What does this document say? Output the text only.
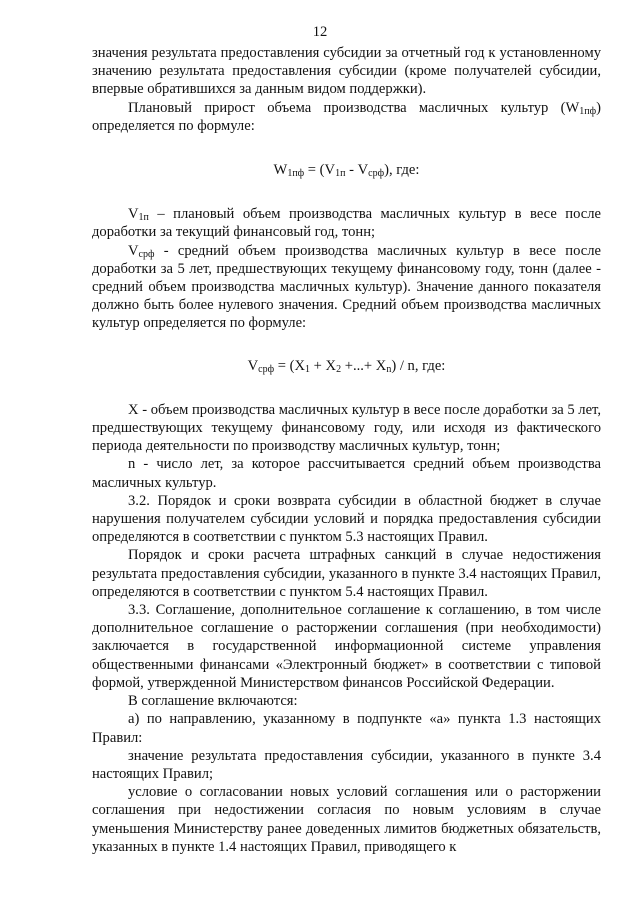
12

значения результата предоставления субсидии за отчетный год к установленному значению результата предоставления субсидии (кроме получателей субсидии, впервые обратившихся за данным видом поддержки).

Плановый прирост объема производства масличных культур $(W_{1пф})$ определяется по формуле:

$W_{1пф} = (V_{1п} - V_{срф})$, где:

$V_{1п}$ – плановый объем производства масличных культур в весе после доработки за текущий финансовый год, тонн;

$V_{срф}$ - средний объем производства масличных культур в весе после доработки за 5 лет, предшествующих текущему финансовому году, тонн (далее - средний объем производства масличных культур). Значение данного показателя должно быть более нулевого значения. Средний объем производства масличных культур определяется по формуле:

$V_{срф} = (X_1 + X_2$ +...+ $X_n$) / n, где:

X - объем производства масличных культур в весе после доработки за 5 лет, предшествующих текущему финансовому году, или исходя из фактического периода деятельности по производству масличных культур, тонн;

n - число лет, за которое рассчитывается средний объем производства масличных культур.

3.2. Порядок и сроки возврата субсидии в областной бюджет в случае нарушения получателем субсидии условий и порядка предоставления субсидии определяются в соответствии с пунктом 5.3 настоящих Правил.

Порядок и сроки расчета штрафных санкций в случае недостижения результата предоставления субсидии, указанного в пункте 3.4 настоящих Правил, определяются в соответствии с пунктом 5.4 настоящих Правил.

3.3. Соглашение, дополнительное соглашение к соглашению, в том числе дополнительное соглашение о расторжении соглашения (при необходимости) заключается в государственной информационной системе управления общественными финансами «Электронный бюджет» в соответствии с типовой формой, утвержденной Министерством финансов Российской Федерации.

В соглашение включаются:

а) по направлению, указанному в подпункте «а» пункта 1.3 настоящих Правил:

значение результата предоставления субсидии, указанного в пункте 3.4 настоящих Правил;

условие о согласовании новых условий соглашения или о расторжении соглашения при недостижении согласия по новым условиям в случае уменьшения Министерству ранее доведенных лимитов бюджетных обязательств, указанных в пункте 1.4 настоящих Правил, приводящего к
